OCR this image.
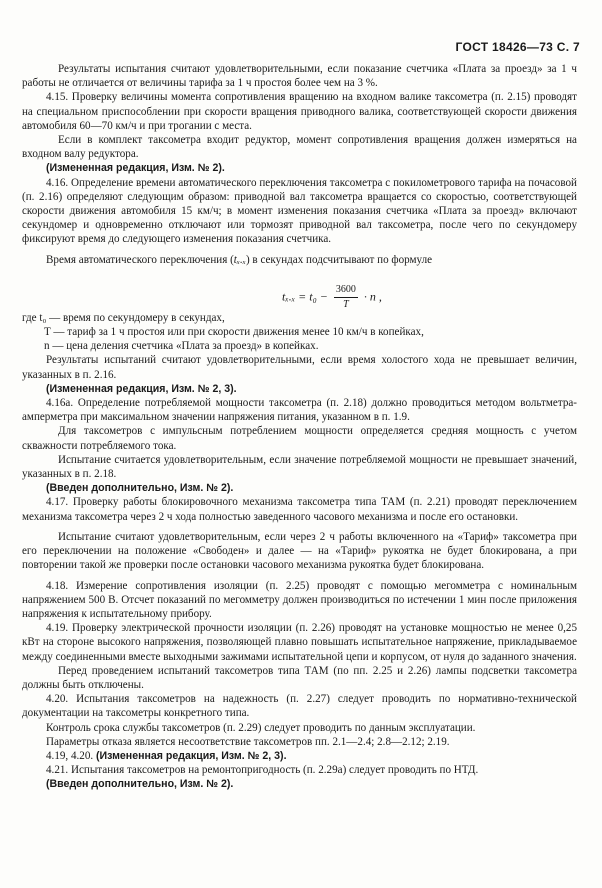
ГОСТ 18426—73 С. 7

Результаты испытания считают удовлетворительными, если показание счетчика «Плата за проезд» за 1 ч работы не отличается от величины тарифа за 1 ч простоя более чем на 3 %.

4.15. Проверку величины момента сопротивления вращению на входном валике таксометра (п. 2.15) проводят на специальном приспособлении при скорости вращения приводного валика, соответствующей скорости движения автомобиля 60—70 км/ч и при трогании с места.

Если в комплект таксометра входит редуктор, момент сопротивления вращения должен измеряться на входном валу редуктора.

(Измененная редакция, Изм. № 2).

4.16. Определение времени автоматического переключения таксометра с покилометрового тарифа на почасовой (п. 2.16) определяют следующим образом: приводной вал таксометра вращается со скоростью, соответствующей скорости движения автомобиля 15 км/ч; в момент изменения показания счетчика «Плата за проезд» включают секундомер и одновременно отключают или тормозят приводной вал таксометра, после чего по секундомеру фиксируют время до следующего изменения показания счетчика.

Время автоматического переключения (tₓ.ₓ) в секундах подсчитывают по формуле

$t_x._x = t_0 - \frac{3600}{T} \cdot n$ ,

где t₀ — время по секундомеру в секундах,

T — тариф за 1 ч простоя или при скорости движения менее 10 км/ч в копейках,

n — цена деления счетчика «Плата за проезд» в копейках.

Результаты испытаний считают удовлетворительными, если время холостого хода не превышает величин, указанных в п. 2.16.

(Измененная редакция, Изм. № 2, 3).

4.16а. Определение потребляемой мощности таксометра (п. 2.18) должно проводиться методом вольтметра-амперметра при максимальном значении напряжения питания, указанном в п. 1.9.

Для таксометров с импульсным потреблением мощности определяется средняя мощность с учетом скважности потребляемого тока.

Испытание считается удовлетворительным, если значение потребляемой мощности не превышает значений, указанных в п. 2.18.

(Введен дополнительно, Изм. № 2).

4.17. Проверку работы блокировочного механизма таксометра типа ТАМ (п. 2.21) проводят переключением механизма таксометра через 2 ч хода полностью заведенного часового механизма и после его остановки.

Испытание считают удовлетворительным, если через 2 ч работы включенного на «Тариф» таксометра при его переключении на положение «Свободен» и далее — на «Тариф» рукоятка не будет блокирована, а при повторении такой же проверки после остановки часового механизма рукоятка будет блокирована.

4.18. Измерение сопротивления изоляции (п. 2.25) проводят с помощью мегомметра с номинальным напряжением 500 В. Отсчет показаний по мегомметру должен производиться по истечении 1 мин после приложения напряжения к испытательному прибору.

4.19. Проверку электрической прочности изоляции (п. 2.26) проводят на установке мощностью не менее 0,25 кВт на стороне высокого напряжения, позволяющей плавно повышать испытательное напряжение, прикладываемое между соединенными вместе выходными зажимами испытательной цепи и корпусом, от нуля до заданного значения.

Перед проведением испытаний таксометров типа ТАМ (по пп. 2.25 и 2.26) лампы подсветки таксометра должны быть отключены.

4.20. Испытания таксометров на надежность (п. 2.27) следует проводить по нормативно-технической документации на таксометры конкретного типа.

Контроль срока службы таксометров (п. 2.29) следует проводить по данным эксплуатации.

Параметры отказа является несоответствие таксометров пп. 2.1—2.4; 2.8—2.12; 2.19.

4.19, 4.20. (Измененная редакция, Изм. № 2, 3).

4.21. Испытания таксометров на ремонтопригодность (п. 2.29а) следует проводить по НТД.

(Введен дополнительно, Изм. № 2).
